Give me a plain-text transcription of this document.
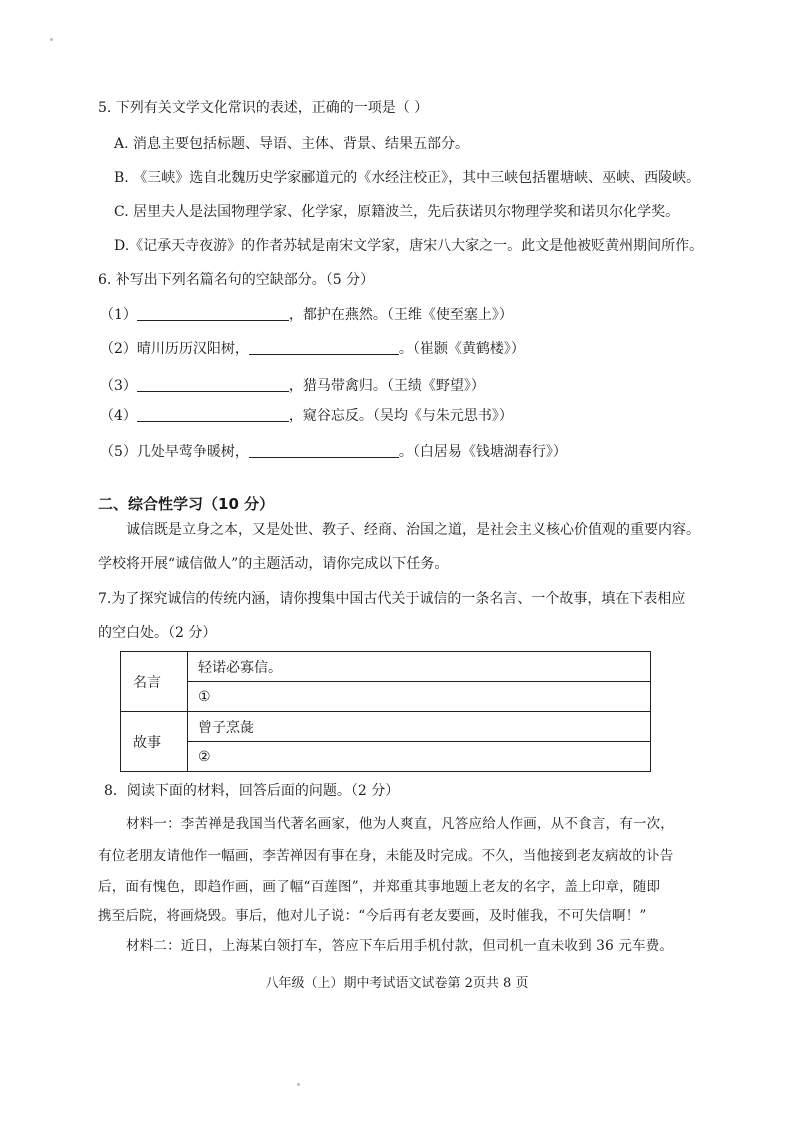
5. 下列有关文学文化常识的表述，正确的一项是（ ）
A. 消息主要包括标题、导语、主体、背景、结果五部分。
B. 《三峡》选自北魏历史学家郦道元的《水经注校正》，其中三峡包括瞿塘峡、巫峡、西陵峡。
C. 居里夫人是法国物理学家、化学家，原籍波兰，先后获诺贝尔物理学奖和诺贝尔化学奖。
D.《记承天寺夜游》的作者苏轼是南宋文学家，唐宋八大家之一。此文是他被贬黄州期间所作。
6. 补写出下列名篇名句的空缺部分。（5 分）
（1）	，都护在燕然。（王维《使至塞上》）
（2）晴川历历汉阳树，	。（崔颢《黄鹤楼》）
（3）	，猎马带禽归。（王绩《野望》）
（4）	，窥谷忘反。（吴均《与朱元思书》）
（5）几处早莺争暖树，	。（白居易《钱塘湖春行》）
二、综合性学习（10 分）
诚信既是立身之本，又是处世、教子、经商、治国之道，是社会主义核心价值观的重要内容。
学校将开展“诚信做人”的主题活动，请你完成以下任务。
7.为了探究诚信的传统内涵，请你搜集中国古代关于诚信的一条名言、一个故事，填在下表相应
的空白处。（2 分）
名言	轻诺必寡信。
	①
故事	曾子烹彘
	②
8．阅读下面的材料，回答后面的问题。（2 分）
材料一：李苦禅是我国当代著名画家，他为人爽直，凡答应给人作画，从不食言，有一次，
有位老朋友请他作一幅画，李苦禅因有事在身，未能及时完成。不久，当他接到老友病故的讣告
后，面有愧色，即趋作画，画了幅“百莲图”，并郑重其事地题上老友的名字，盖上印章，随即
携至后院，将画烧毁。事后，他对儿子说：“今后再有老友要画，及时催我，不可失信啊！”
材料二：近日，上海某白领打车，答应下车后用手机付款，但司机一直未收到 36 元车费。
八年级（上）期中考试语文试卷第 2页共 8 页
